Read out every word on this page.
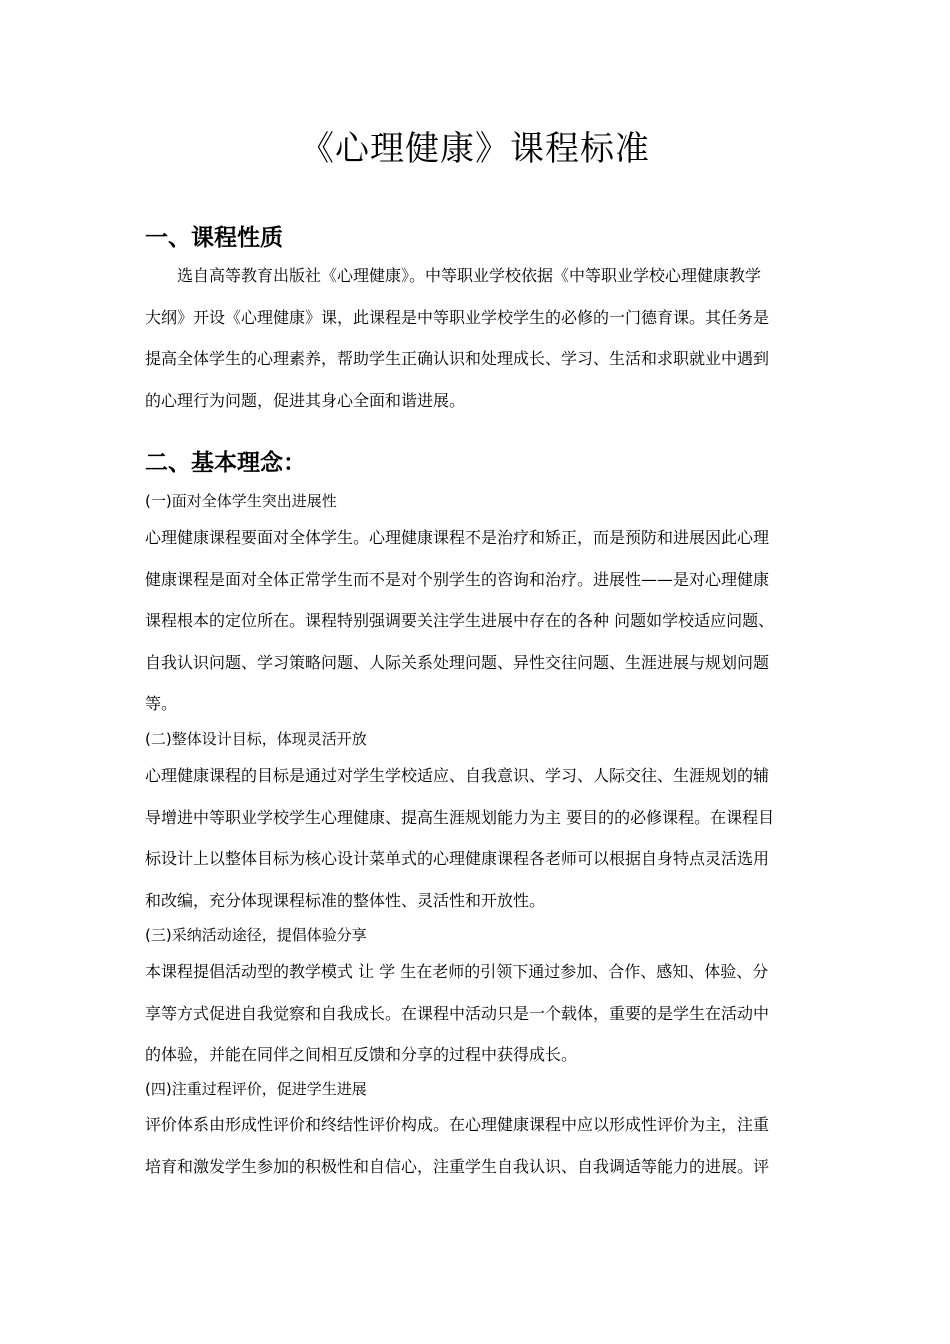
《心理健康》课程标准
一、课程性质
选自高等教育出版社《心理健康》。中等职业学校依据《中等职业学校心理健康教学
大纲》开设《心理健康》课，此课程是中等职业学校学生的必修的一门德育课。其任务是
提高全体学生的心理素养，帮助学生正确认识和处理成长、学习、生活和求职就业中遇到
的心理行为问题，促进其身心全面和谐进展。
二、基本理念：
(一)面对全体学生突出进展性
心理健康课程要面对全体学生。心理健康课程不是治疗和矫正，而是预防和进展因此心理
健康课程是面对全体正常学生而不是对个别学生的咨询和治疗。进展性——是对心理健康
课程根本的定位所在。课程特别强调要关注学生进展中存在的各种 问题如学校适应问题、
自我认识问题、学习策略问题、人际关系处理问题、异性交往问题、生涯进展与规划问题
等。
(二)整体设计目标，体现灵活开放
心理健康课程的目标是通过对学生学校适应、自我意识、学习、人际交往、生涯规划的辅
导增进中等职业学校学生心理健康、提高生涯规划能力为主 要目的的必修课程。在课程目
标设计上以整体目标为核心设计菜单式的心理健康课程各老师可以根据自身特点灵活选用
和改编，充分体现课程标准的整体性、灵活性和开放性。
(三)采纳活动途径，提倡体验分享
本课程提倡活动型的教学模式 让 学 生在老师的引领下通过参加、合作、感知、体验、分
享等方式促进自我觉察和自我成长。在课程中活动只是一个载体，重要的是学生在活动中
的体验，并能在同伴之间相互反馈和分享的过程中获得成长。
(四)注重过程评价，促进学生进展
评价体系由形成性评价和终结性评价构成。在心理健康课程中应以形成性评价为主，注重
培育和激发学生参加的积极性和自信心，注重学生自我认识、自我调适等能力的进展。评
